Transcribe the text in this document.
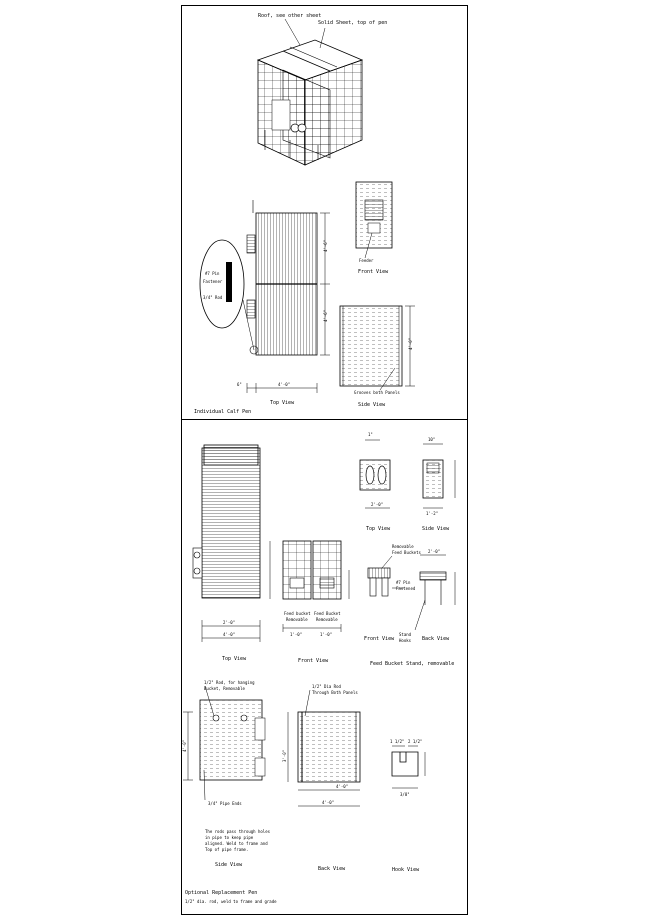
Roof, see other sheet
Solid Sheet, top of pen
4'-6"
4'-6"
6"	4'-0"
#7 Pin
Fastener
3/4" Rod
Top View
Feeder
Front View
4'-0"
Grooves both Panels
Side View
Individual Calf Pen
2'-0"
4'-0"
Top View
Feed bucket
Removable
Feed Bucket
Removable
1'-0"	1'-0"
Front View
1"
2'-0"
Top View
10"
1'-2"
Side View
Removable
Feed Buckets
#7 Pin
Fastened
Stand
Hooks
2'-0"
Front View	Back View
Feed Bucket Stand, removable
4'-0"
1/2" Rod, for hanging
Bucket, Removable
3/4" Pipe Ends
The rods pass through holes
in pipe to keep pipe
aligned. Weld to frame and
Top of pipe frame.
Side View
1/2" Dia Rod
Through Both Panels
3'-0"
4'-0"
4'-0"
Back View
1 1/2" 2 1/2"
3/8"
Hook View
Optional Replacement Pen
1/2" dia. rod, weld to frame and grade
